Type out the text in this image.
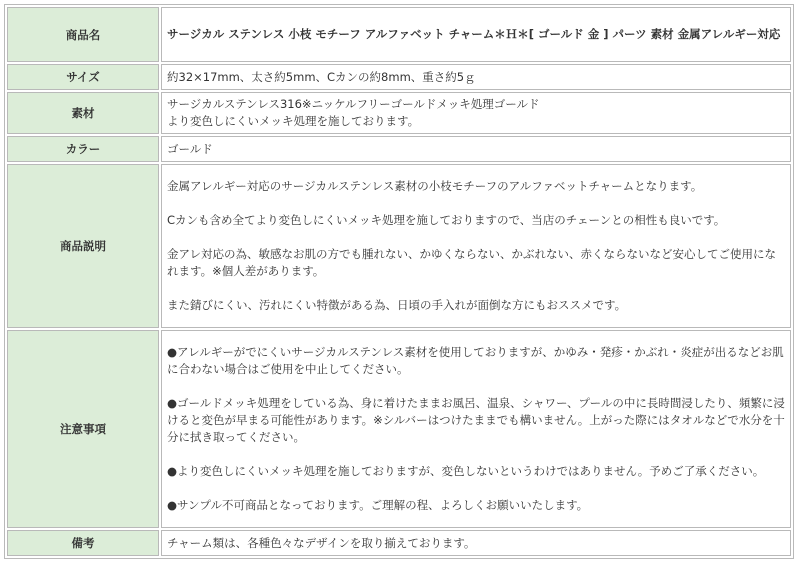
商品名	サージカル ステンレス 小枝 モチーフ アルファベット チャーム＊Ｈ＊[ ゴールド 金 ] パーツ 素材 金属アレルギー対応
サイズ	約32×17mm、太さ約5mm、Cカンの約8mm、重さ約5ｇ
素材	サージカルステンレス316※ニッケルフリーゴールドメッキ処理ゴールド
より変色しにくいメッキ処理を施しております。

カラー	ゴールド
商品説明	金属アレルギー対応のサージカルステンレス素材の小枝モチーフのアルファベットチャームとなります。
Cカンも含め全てより変色しにくいメッキ処理を施しておりますので、当店のチェーンとの相性も良いです。
金アレ対応の為、敏感なお肌の方でも腫れない、かゆくならない、かぶれない、赤くならないなど安心してご使用になれます。※個人差があります。
また錆びにくい、汚れにくい特徴がある為、日頃の手入れが面倒な方にもおススメです。

注意事項	●アレルギーがでにくいサージカルステンレス素材を使用しておりますが、かゆみ・発疹・かぶれ・炎症が出るなどお肌に合わない場合はご使用を中止してください。
●ゴールドメッキ処理をしている為、身に着けたままお風呂、温泉、シャワー、プールの中に長時間浸したり、頻繁に浸けると変色が早まる可能性があります。※シルバーはつけたままでも構いません。上がった際にはタオルなどで水分を十分に拭き取ってください。
●より変色しにくいメッキ処理を施しておりますが、変色しないというわけではありません。予めご了承ください。
●サンプル不可商品となっております。ご理解の程、よろしくお願いいたします。

備考	チャーム類は、各種色々なデザインを取り揃えております。
